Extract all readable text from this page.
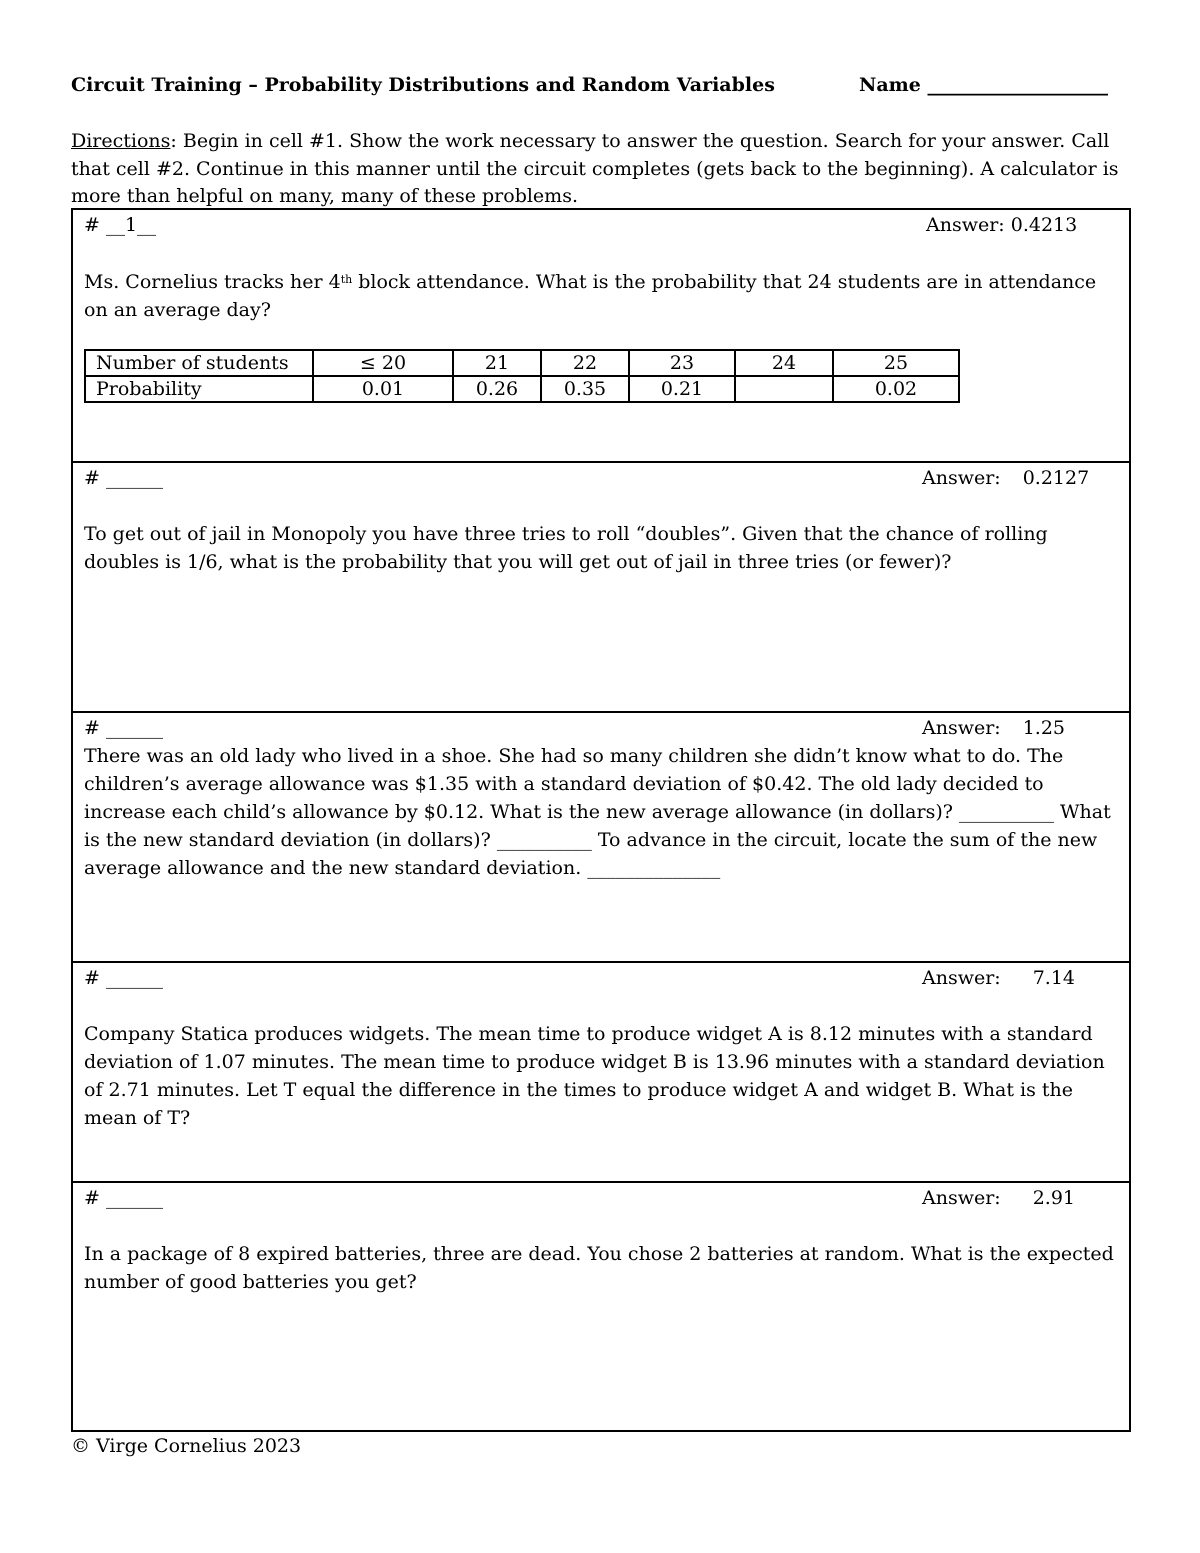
Circuit Training – Probability Distributions and Random Variables	Name ___________________
Directions: Begin in cell #1. Show the work necessary to answer the question. Search for your answer. Call that cell #2. Continue in this manner until the circuit completes (gets back to the beginning). A calculator is more than helpful on many, many of these problems.
# __1__	Answer: 0.4213
Ms. Cornelius tracks her 4th block attendance. What is the probability that 24 students are in attendance on an average day?
Number of students	≤ 20	21	22	23	24	25
Probability	0.01	0.26	0.35	0.21		0.02
# ______	Answer: 0.2127
To get out of jail in Monopoly you have three tries to roll “doubles”. Given that the chance of rolling doubles is 1/6, what is the probability that you will get out of jail in three tries (or fewer)?
# ______	Answer: 1.25
There was an old lady who lived in a shoe. She had so many children she didn’t know what to do. The children’s average allowance was $1.35 with a standard deviation of $0.42. The old lady decided to increase each child’s allowance by $0.12. What is the new average allowance (in dollars)? __________ What is the new standard deviation (in dollars)? __________ To advance in the circuit, locate the sum of the new average allowance and the new standard deviation. ______________
# ______	Answer: 7.14
Company Statica produces widgets. The mean time to produce widget A is 8.12 minutes with a standard deviation of 1.07 minutes. The mean time to produce widget B is 13.96 minutes with a standard deviation of 2.71 minutes. Let T equal the difference in the times to produce widget A and widget B. What is the mean of T?
# ______	Answer: 2.91
In a package of 8 expired batteries, three are dead. You chose 2 batteries at random. What is the expected number of good batteries you get?
© Virge Cornelius 2023
